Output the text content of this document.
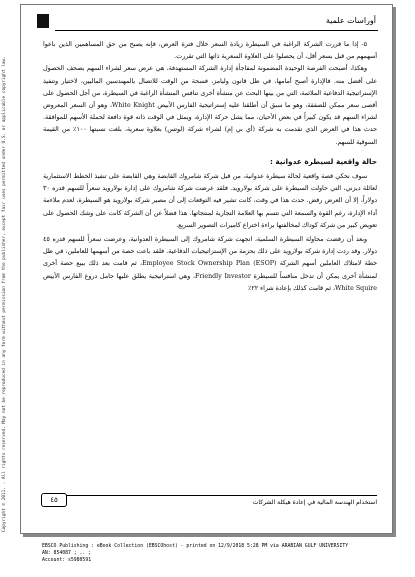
Copyright © 2011. . All rights reserved. May not be reproduced in any form without permission from the publisher, except fair uses permitted under U.S. or applicable copyright law.
أوراسات علمية

٥- إذا ما قررت الشركة الراغبة في السيطرة زيادة السعر خلال فترة العرض، فإنه يصبح من حق المساهمين الذين باعوا أسهمهم من قبل بسعر أقل، أن يحصلوا على العلاوة السعرية ذاتها التي تقررت.

وهكذا، أصبحت الفرصة الوحيدة المضمونة لمفاجأة إدارة الشركة المستهدفة، هي عرض سعر لشراء السهم بصحف الحصول على أفضل منه. فالإدارة أصبح أمامها، في ظل قانون وليامز، فسحة من الوقت للاتصال بالمهندسين الماليين، لاختيار وتنفيذ الإستراتيجية الدفاعية الملائمة، التي من بينها البحث عن منشأة أخرى تنافس المنشأة الراغبة في السيطرة، من أجل الحصول على أقصى سعر ممكن للصفقة، وهو ما سبق أن أطلقنا عليه إستراتيجية الفارس الأبيض White Knight، وهو أن السعر المعروض لشراء السهم قد يكون كبيراً في بعض الأحيان، مما يشل حركة الإدارة، ويمثل في الوقت ذاته قوة دافعة لحملة الأسهم للموافقة. حدث هذا في العرض الذي تقدمت به شركة (أي بي إم) لشراء شركة (لوتس) بعلاوة سعرية، بلغت نسبتها ١٠٠٪ من القيمة السوقية للسهم.

حالة واقعية لسيطرة عدوانية :

سوف نحكي قصة واقعية لحالة سيطرة عدوانية، من قبل شركة شامروك القابضة وهي القابضة على تنفيذ الخطط الاستثمارية لعائلة ديزني، التي حاولت السيطرة على شركة بولارويد. فلقد عرضت شركة شامروك على إدارة بولارويد سعراً للسهم قدره ٣٠ دولاراً، إلا أن العرض رفض. حدث هذا في وقت، كانت تشير فيه التوقعات إلى أن مصير شركة بولارويد هو السيطرة، لعدم ملاءمة أداء الإدارة، رغم القوة والسمعة التي تتسم بها العلامة التجارية لمنتجاتها. هذا فضلاً عن أن الشركة كانت على وشك الحصول على تعويض كبير من شركة كوداك لمخالفتها براءة اختراع كاميرات التصوير السريع.

وبعد أن رفضت محاولة السيطرة السلمية، اتجهت شركة شامروك إلى السيطرة العدوانية، وعرضت سعراً للسهم قدره ٤٥ دولار. وقد ردت إدارة شركة بولارويد على ذلك بحزمة من الإستراتيجيات الدفاعية. فلقد باعت حصة من أسهمها للعاملين، في ظل خطة لامتلاك العاملين أسهم الشركة Employee Stock Ownership Plan (ESOP)، ثم قامت بعد ذلك ببيع حصة أخرى لمنشأة أخرى يمكن أن تدخل منافساً للسيطرة Friendly Investor، وهي استراتيجية يطلق عليها حامل دروع الفارس الأبيض White Squire، ثم قامت كذلك بإعادة شراء ٢٢٪

٤٥	استخدام الهندسة المالية في إعادة هيكلة الشركات
EBSCO Publishing : eBook Collection (EBSCOhost) - printed on 12/9/2018 5:28 PM via ARABIAN GULF UNIVERSITY
AN: 854087 ; .. ;
Account: s5980591
